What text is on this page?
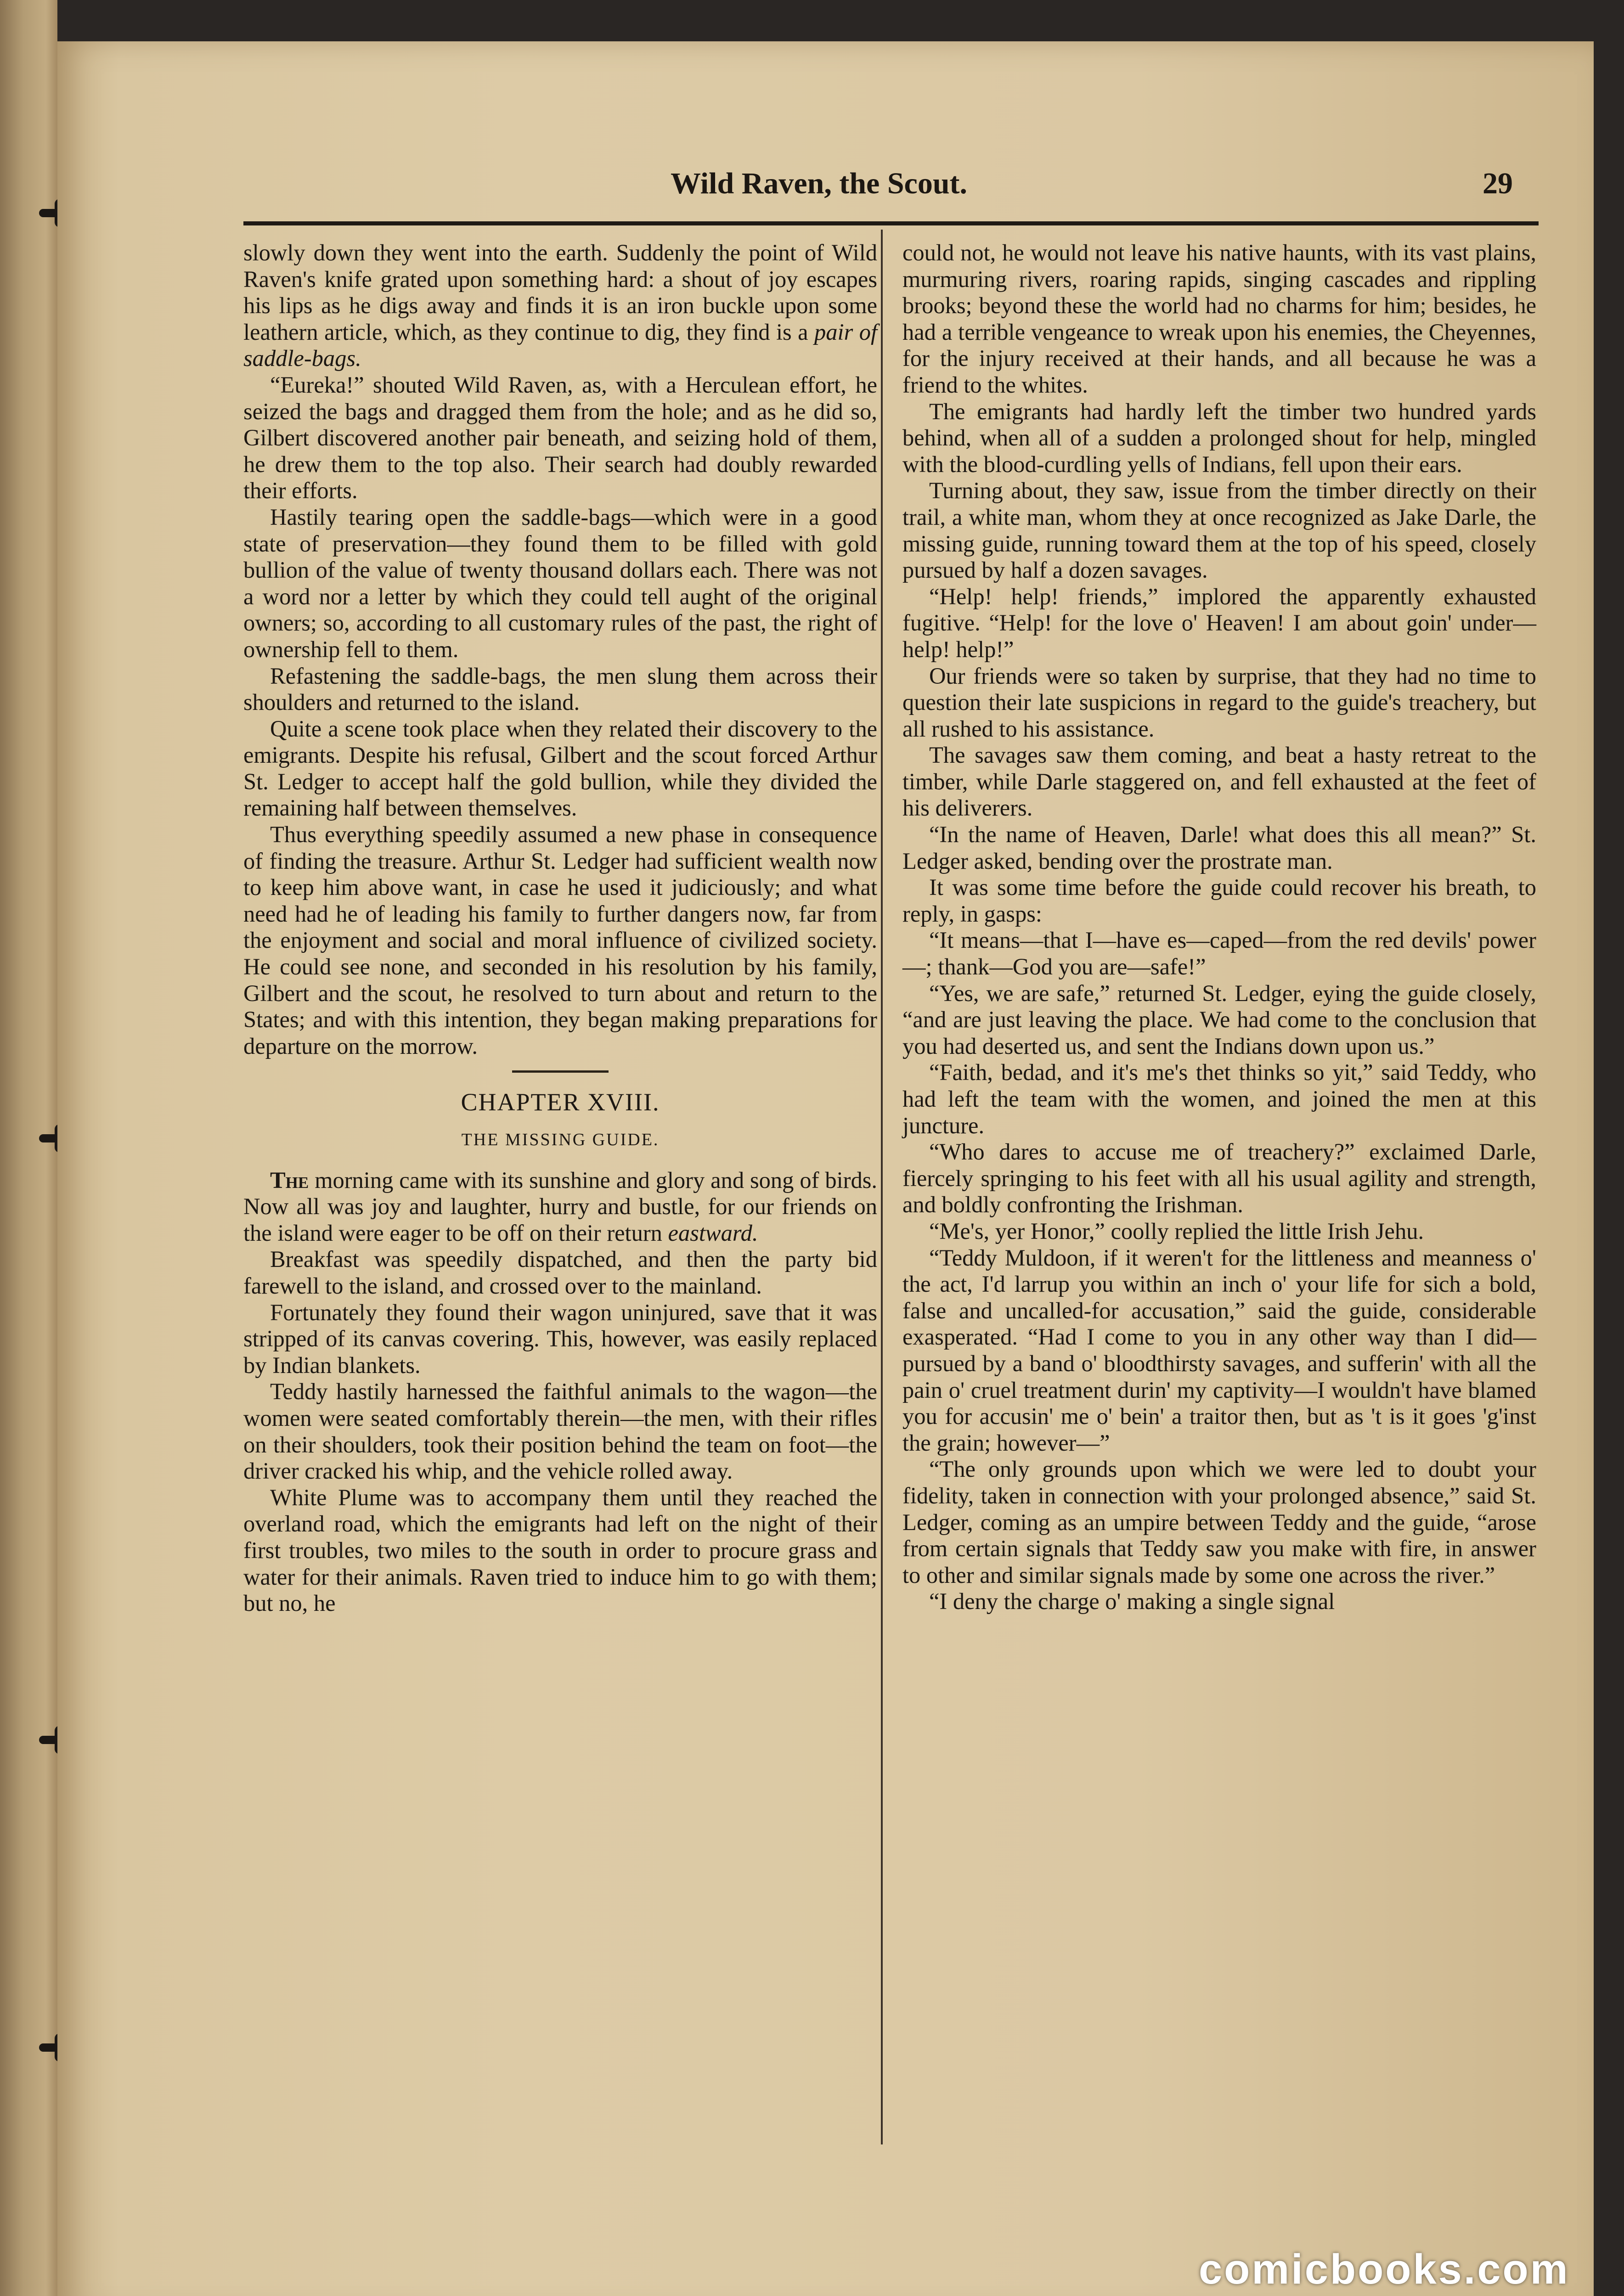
Wild Raven, the Scout.	29

slowly down they went into the earth. Suddenly the point of Wild Raven's knife grated upon something hard: a shout of joy escapes his lips as he digs away and finds it is an iron buckle upon some leathern article, which, as they continue to dig, they find is a pair of saddle-bags.

“Eureka!” shouted Wild Raven, as, with a Herculean effort, he seized the bags and dragged them from the hole; and as he did so, Gilbert discovered another pair beneath, and seizing hold of them, he drew them to the top also. Their search had doubly rewarded their efforts.

Hastily tearing open the saddle-bags—which were in a good state of preservation—they found them to be filled with gold bullion of the value of twenty thousand dollars each. There was not a word nor a letter by which they could tell aught of the original owners; so, according to all customary rules of the past, the right of ownership fell to them.

Refastening the saddle-bags, the men slung them across their shoulders and returned to the island.

Quite a scene took place when they related their discovery to the emigrants. Despite his refusal, Gilbert and the scout forced Arthur St. Ledger to accept half the gold bullion, while they divided the remaining half between themselves.

Thus everything speedily assumed a new phase in consequence of finding the treasure. Arthur St. Ledger had sufficient wealth now to keep him above want, in case he used it judiciously; and what need had he of leading his family to further dangers now, far from the enjoyment and social and moral influence of civilized society. He could see none, and seconded in his resolution by his family, Gilbert and the scout, he resolved to turn about and return to the States; and with this intention, they began making preparations for departure on the morrow.

CHAPTER XVIII.

THE MISSING GUIDE.

The morning came with its sunshine and glory and song of birds. Now all was joy and laughter, hurry and bustle, for our friends on the island were eager to be off on their return eastward.

Breakfast was speedily dispatched, and then the party bid farewell to the island, and crossed over to the mainland.

Fortunately they found their wagon uninjured, save that it was stripped of its canvas covering. This, however, was easily replaced by Indian blankets.

Teddy hastily harnessed the faithful animals to the wagon—the women were seated comfortably therein—the men, with their rifles on their shoulders, took their position behind the team on foot—the driver cracked his whip, and the vehicle rolled away.

White Plume was to accompany them until they reached the overland road, which the emigrants had left on the night of their first troubles, two miles to the south in order to procure grass and water for their animals. Raven tried to induce him to go with them; but no, he

could not, he would not leave his native haunts, with its vast plains, murmuring rivers, roaring rapids, singing cascades and rippling brooks; beyond these the world had no charms for him; besides, he had a terrible vengeance to wreak upon his enemies, the Cheyennes, for the injury received at their hands, and all because he was a friend to the whites.

The emigrants had hardly left the timber two hundred yards behind, when all of a sudden a prolonged shout for help, mingled with the blood-curdling yells of Indians, fell upon their ears.

Turning about, they saw, issue from the timber directly on their trail, a white man, whom they at once recognized as Jake Darle, the missing guide, running toward them at the top of his speed, closely pursued by half a dozen savages.

“Help! help! friends,” implored the apparently exhausted fugitive. “Help! for the love o' Heaven! I am about goin' under—help! help!”

Our friends were so taken by surprise, that they had no time to question their late suspicions in regard to the guide's treachery, but all rushed to his assistance.

The savages saw them coming, and beat a hasty retreat to the timber, while Darle staggered on, and fell exhausted at the feet of his deliverers.

“In the name of Heaven, Darle! what does this all mean?” St. Ledger asked, bending over the prostrate man.

It was some time before the guide could recover his breath, to reply, in gasps:

“It means—that I—have es—caped—from the red devils' power—; thank—God you are—safe!”

“Yes, we are safe,” returned St. Ledger, eying the guide closely, “and are just leaving the place. We had come to the conclusion that you had deserted us, and sent the Indians down upon us.”

“Faith, bedad, and it's me's thet thinks so yit,” said Teddy, who had left the team with the women, and joined the men at this juncture.

“Who dares to accuse me of treachery?” exclaimed Darle, fiercely springing to his feet with all his usual agility and strength, and boldly confronting the Irishman.

“Me's, yer Honor,” coolly replied the little Irish Jehu.

“Teddy Muldoon, if it weren't for the littleness and meanness o' the act, I'd larrup you within an inch o' your life for sich a bold, false and uncalled-for accusation,” said the guide, considerable exasperated. “Had I come to you in any other way than I did—pursued by a band o' bloodthirsty savages, and sufferin' with all the pain o' cruel treatment durin' my captivity—I wouldn't have blamed you for accusin' me o' bein' a traitor then, but as 't is it goes 'g'inst the grain; however—”

“The only grounds upon which we were led to doubt your fidelity, taken in connection with your prolonged absence,” said St. Ledger, coming as an umpire between Teddy and the guide, “arose from certain signals that Teddy saw you make with fire, in answer to other and similar signals made by some one across the river.”

“I deny the charge o' making a single signal

comicbooks.com
